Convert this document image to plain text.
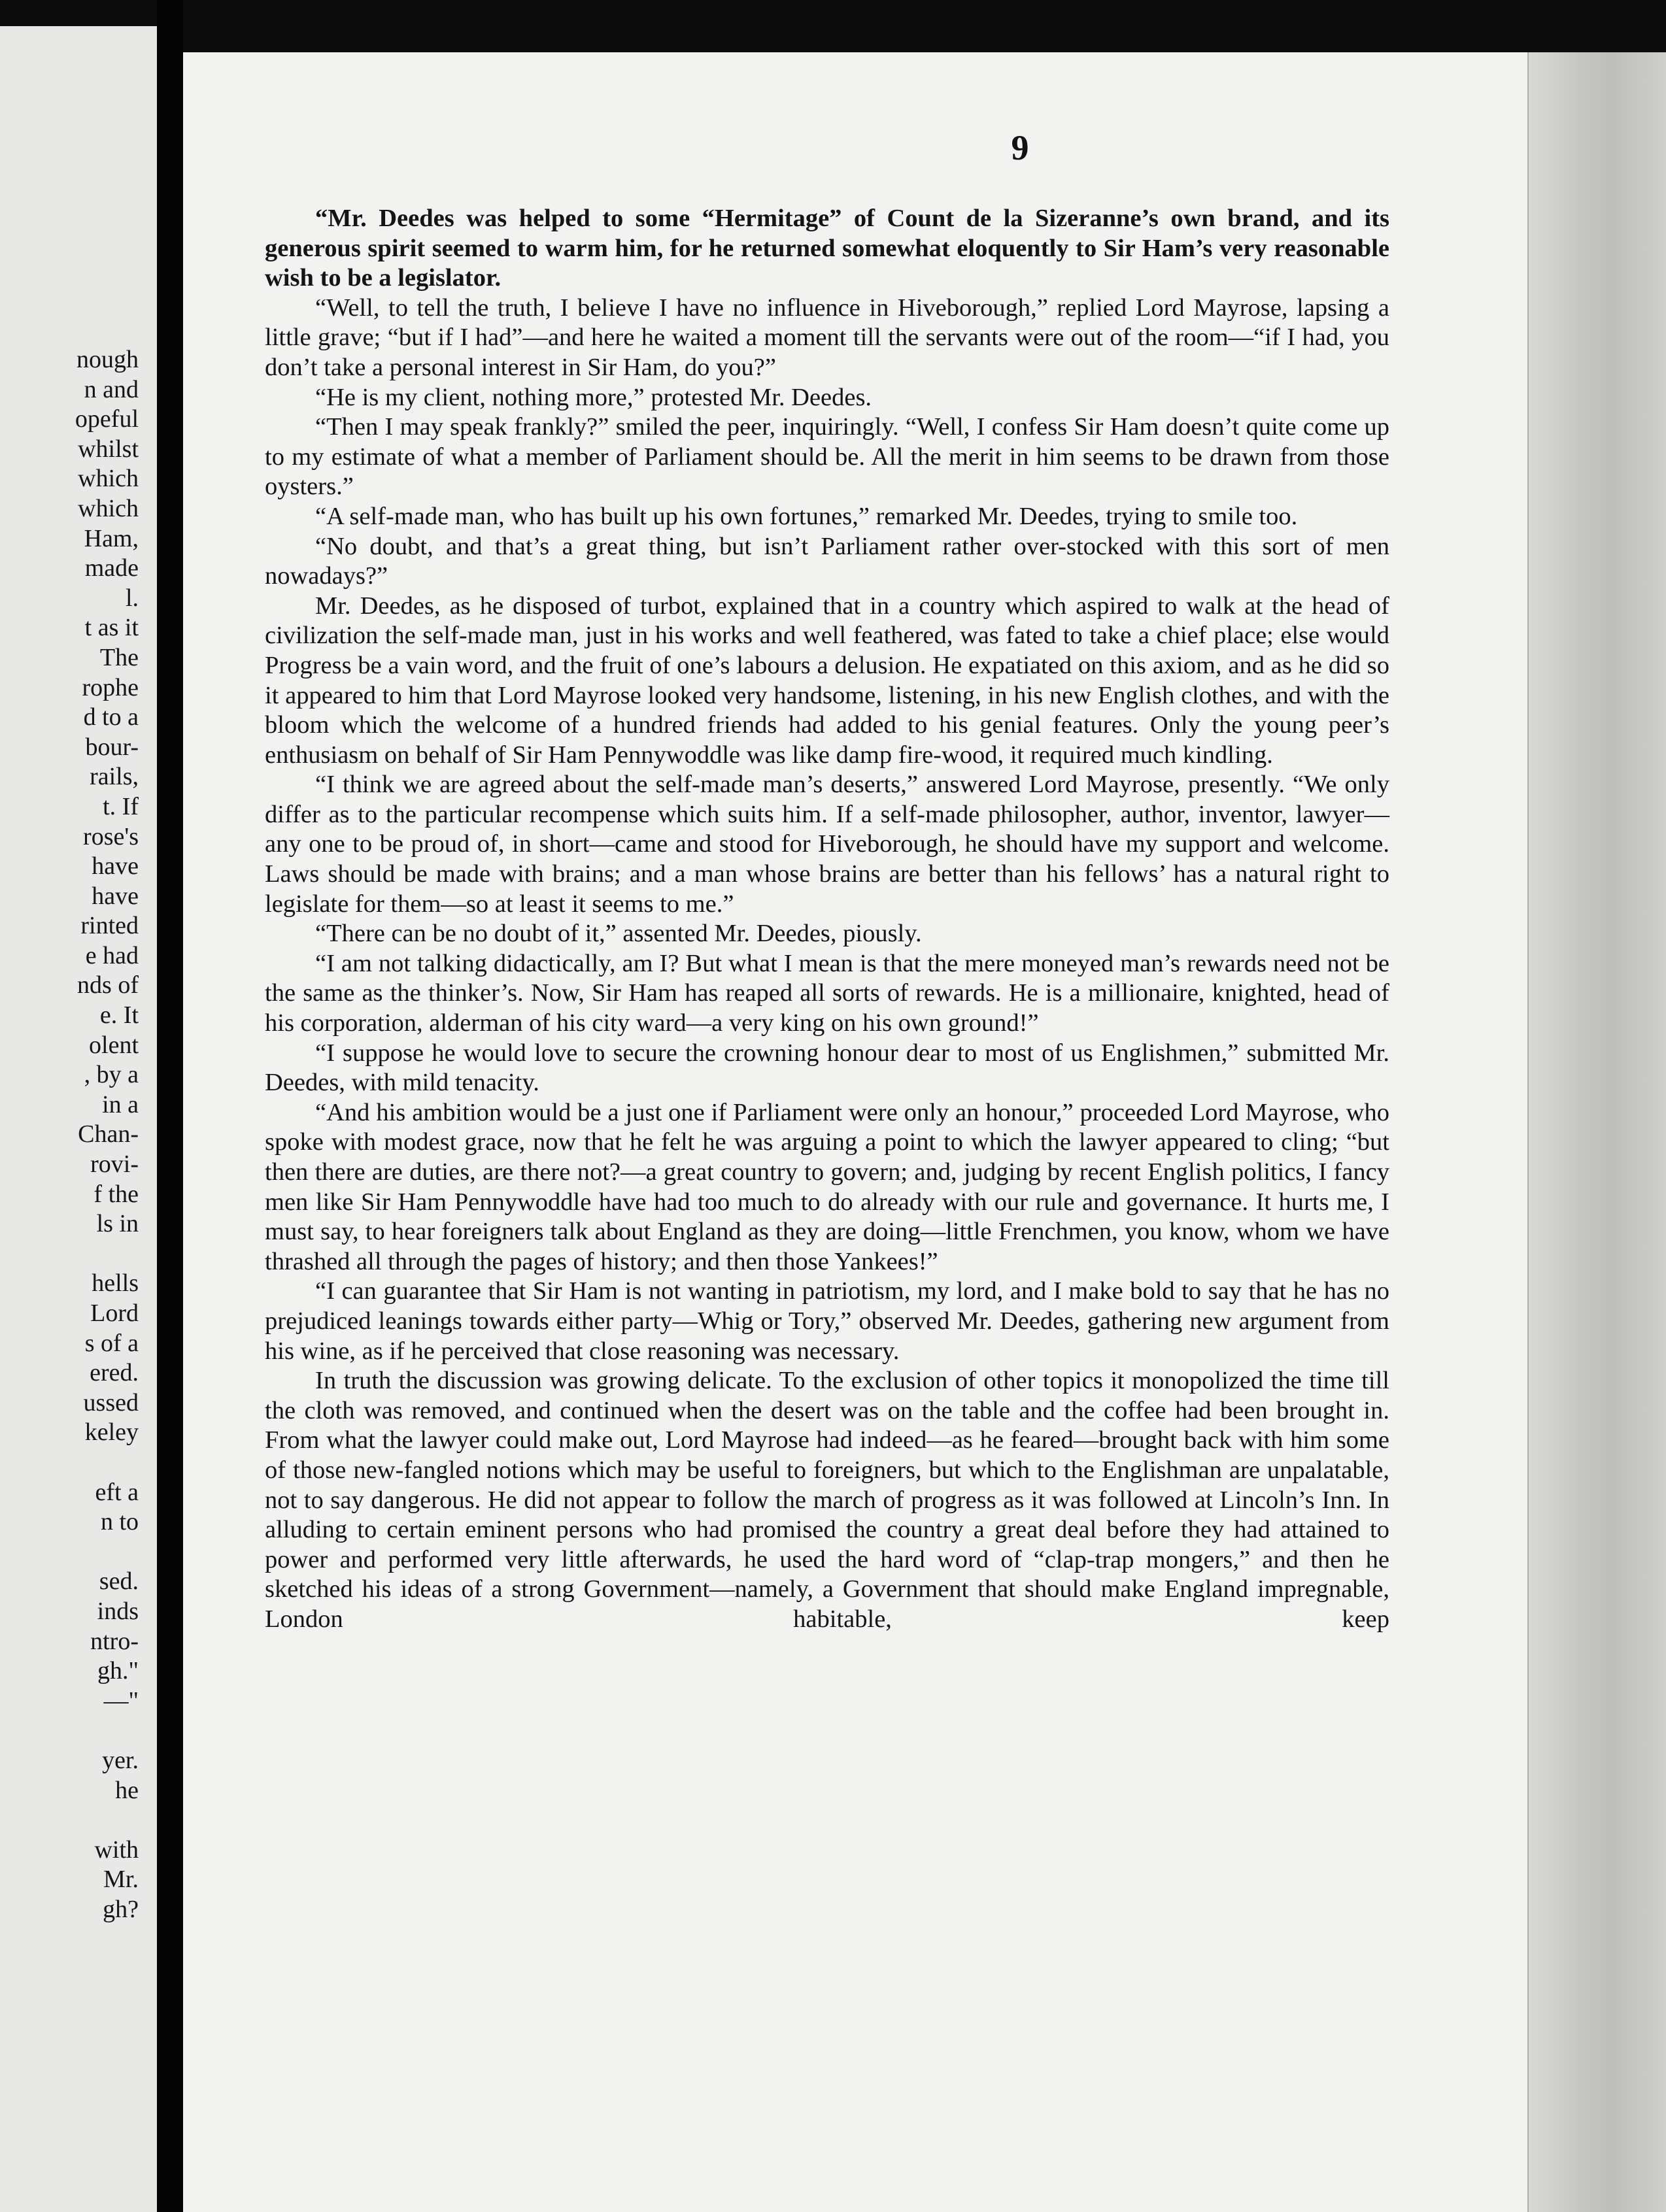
nough
n and
opeful
whilst
which
which
Ham,
made
l.
t as it
The
rophe
d to a
bour-
rails,
t. If
rose's
have
have
rinted
e had
nds of
e. It
olent
, by a
in a
Chan-
rovi-
f the
ls in

hells
Lord
s of a
ered.
ussed
keley

eft a
n to

sed.
inds
ntro-
gh."
—"

yer.
he

with
Mr.
gh?
9

“Mr. Deedes was helped to some “Hermitage” of Count de la Sizeranne’s own brand, and its generous spirit seemed to warm him, for he returned somewhat eloquently to Sir Ham’s very reasonable wish to be a legislator.

“Well, to tell the truth, I believe I have no influence in Hiveborough,” replied Lord Mayrose, lapsing a little grave; “but if I had”—and here he waited a moment till the servants were out of the room—“if I had, you don’t take a personal interest in Sir Ham, do you?”

“He is my client, nothing more,” protested Mr. Deedes.

“Then I may speak frankly?” smiled the peer, inquiringly. “Well, I confess Sir Ham doesn’t quite come up to my estimate of what a member of Parliament should be. All the merit in him seems to be drawn from those oysters.”

“A self-made man, who has built up his own fortunes,” remarked Mr. Deedes, trying to smile too.

“No doubt, and that’s a great thing, but isn’t Parliament rather over-stocked with this sort of men nowadays?”

Mr. Deedes, as he disposed of turbot, explained that in a country which aspired to walk at the head of civilization the self-made man, just in his works and well feathered, was fated to take a chief place; else would Progress be a vain word, and the fruit of one’s labours a delusion. He expatiated on this axiom, and as he did so it appeared to him that Lord Mayrose looked very handsome, listening, in his new English clothes, and with the bloom which the welcome of a hundred friends had added to his genial features. Only the young peer’s enthusiasm on behalf of Sir Ham Pennywoddle was like damp fire-wood, it required much kindling.

“I think we are agreed about the self-made man’s deserts,” answered Lord Mayrose, presently. “We only differ as to the particular recompense which suits him. If a self-made philosopher, author, inventor, lawyer—any one to be proud of, in short—came and stood for Hiveborough, he should have my support and welcome. Laws should be made with brains; and a man whose brains are better than his fellows’ has a natural right to legislate for them—so at least it seems to me.”

“There can be no doubt of it,” assented Mr. Deedes, piously.

“I am not talking didactically, am I? But what I mean is that the mere moneyed man’s rewards need not be the same as the thinker’s. Now, Sir Ham has reaped all sorts of rewards. He is a millionaire, knighted, head of his corporation, alderman of his city ward—a very king on his own ground!”

“I suppose he would love to secure the crowning honour dear to most of us Englishmen,” submitted Mr. Deedes, with mild tenacity.

“And his ambition would be a just one if Parliament were only an honour,” proceeded Lord Mayrose, who spoke with modest grace, now that he felt he was arguing a point to which the lawyer appeared to cling; “but then there are duties, are there not?—a great country to govern; and, judging by recent English politics, I fancy men like Sir Ham Pennywoddle have had too much to do already with our rule and governance. It hurts me, I must say, to hear foreigners talk about England as they are doing—little Frenchmen, you know, whom we have thrashed all through the pages of history; and then those Yankees!”

“I can guarantee that Sir Ham is not wanting in patriotism, my lord, and I make bold to say that he has no prejudiced leanings towards either party—Whig or Tory,” observed Mr. Deedes, gathering new argument from his wine, as if he perceived that close reasoning was necessary.

In truth the discussion was growing delicate. To the exclusion of other topics it monopolized the time till the cloth was removed, and continued when the desert was on the table and the coffee had been brought in. From what the lawyer could make out, Lord Mayrose had indeed—as he feared—brought back with him some of those new-fangled notions which may be useful to foreigners, but which to the Englishman are unpalatable, not to say dangerous. He did not appear to follow the march of progress as it was followed at Lincoln’s Inn. In alluding to certain eminent persons who had promised the country a great deal before they had attained to power and performed very little afterwards, he used the hard word of “clap-trap mongers,” and then he sketched his ideas of a strong Government—namely, a Government that should make England impregnable, London habitable, keep
